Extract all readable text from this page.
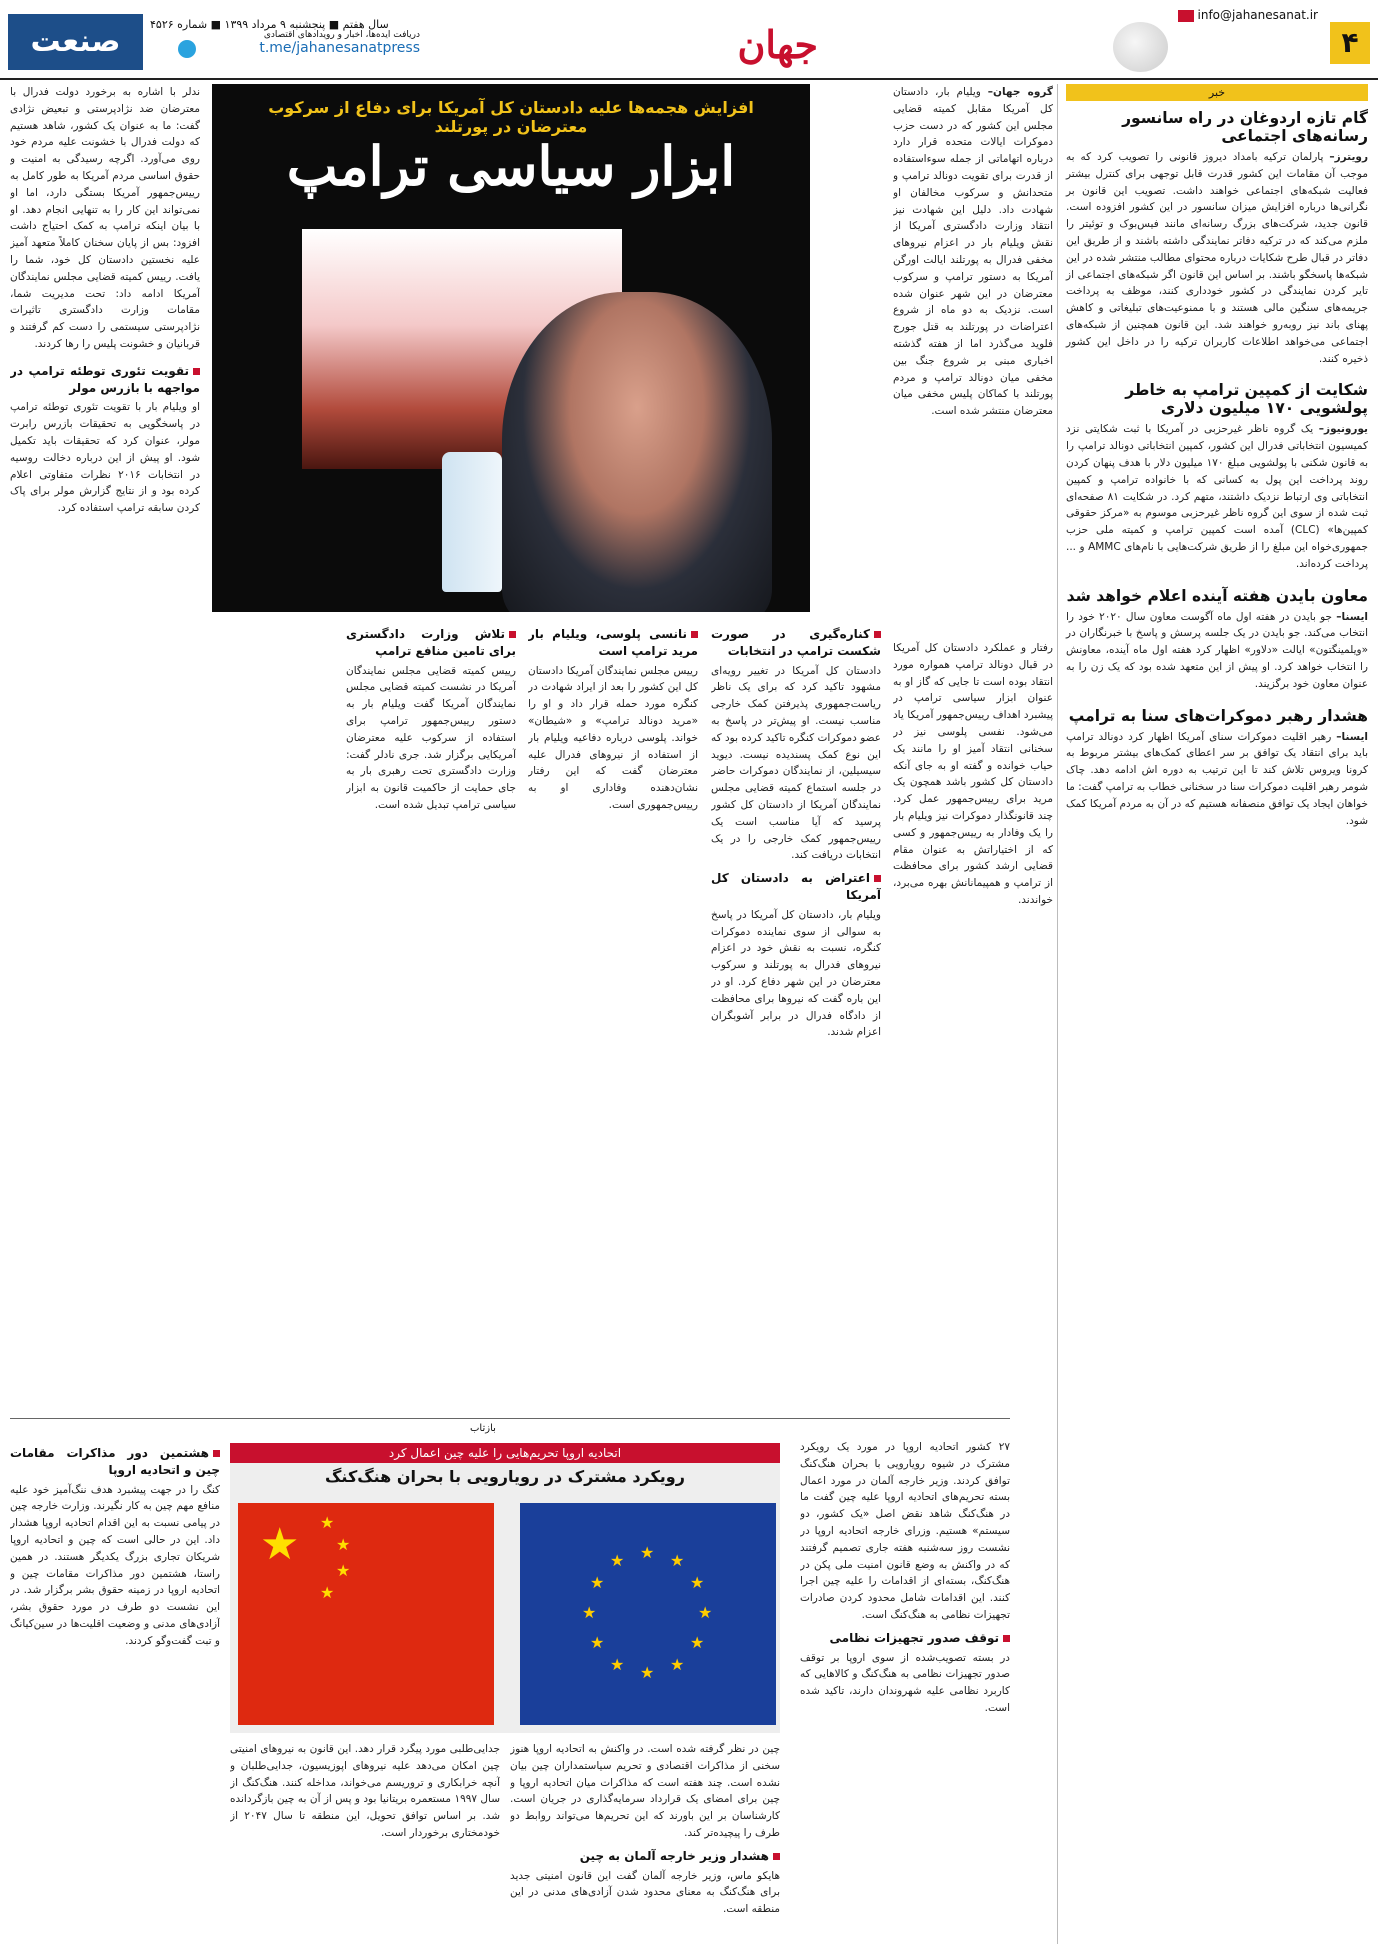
۴
info@jahanesanat.ir
جهان
دریافت ایده‌ها، اخبار و رویدادهای اقتصادی
t.me/jahanesanatpress
صنعت	سال هفتم ■ پنجشنبه ۹ مرداد ۱۳۹۹ ■ شماره ۴۵۲۶
خبر
گام تازه اردوغان در راه سانسور رسانه‌های اجتماعی
رویترز– پارلمان ترکیه بامداد دیروز قانونی را تصویب کرد که به موجب آن مقامات این کشور قدرت قابل توجهی برای کنترل بیشتر فعالیت شبکه‌های اجتماعی خواهند داشت. تصویب این قانون بر نگرانی‌ها درباره افزایش میزان سانسور در این کشور افزوده است. قانون جدید، شرکت‌های بزرگ رسانه‌ای مانند فیس‌بوک و توئیتر را ملزم می‌کند که در ترکیه دفاتر نمایندگی داشته باشند و از طریق این دفاتر در قبال طرح شکایات درباره محتوای مطالب منتشر شده در این شبکه‌ها پاسخگو باشند. بر اساس این قانون اگر شبکه‌های اجتماعی از تایر کردن نمایندگی در کشور خودداری کنند، موظف به پرداخت جریمه‌های سنگین مالی هستند و با ممنوعیت‌های تبلیغاتی و کاهش پهنای باند نیز روبه‌رو خواهند شد. این قانون همچنین از شبکه‌های اجتماعی می‌خواهد اطلاعات کاربران ترکیه را در داخل این کشور ذخیره کنند.
شکایت از کمپین ترامپ به خاطر پولشویی ۱۷۰ میلیون دلاری
یورونیوز– یک گروه ناظر غیرحزبی در آمریکا با ثبت شکایتی نزد کمیسیون انتخاباتی فدرال این کشور، کمپین انتخاباتی دونالد ترامپ را به قانون شکنی با پولشویی مبلغ ۱۷۰ میلیون دلار با هدف پنهان کردن روند پرداخت این پول به کسانی که با خانواده ترامپ و کمپین انتخاباتی وی ارتباط نزدیک داشتند، متهم کرد. در شکایت ۸۱ صفحه‌ای ثبت شده از سوی این گروه ناظر غیرحزبی موسوم به «مرکز حقوقی کمپین‌ها» (CLC) آمده است کمپین ترامپ و کمیته ملی حزب جمهوری‌خواه این مبلغ را از طریق شرکت‌هایی با نام‌های AMMC و ... پرداخت کرده‌اند.
معاون بایدن هفته آینده اعلام خواهد شد
ایسنا– جو بایدن در هفته اول ماه آگوست معاون سال ۲۰۲۰ خود را انتخاب می‌کند. جو بایدن در یک جلسه پرسش و پاسخ با خبرنگاران در «ویلمینگتون» ایالت «دلاور» اظهار کرد هفته اول ماه آینده، معاونش را انتخاب خواهد کرد. او پیش از این متعهد شده بود که یک زن را به عنوان معاون خود برگزیند.
هشدار رهبر دموکرات‌های سنا به ترامپ
ایسنا– رهبر اقلیت دموکرات سنای آمریکا اظهار کرد دونالد ترامپ باید برای انتقاد یک توافق بر سر اعطای کمک‌های بیشتر مربوط به کرونا ویروس تلاش کند تا این ترتیب به دوره اش ادامه دهد. چاک شومر رهبر اقلیت دموکرات سنا در سخنانی خطاب به ترامپ گفت: ما خواهان ایجاد یک توافق منصفانه هستیم که در آن به مردم آمریکا کمک شود.
گروه جهان– ویلیام بار، دادستان کل آمریکا مقابل کمیته قضایی مجلس این کشور که در دست حزب دموکرات ایالات متحده قرار دارد درباره اتهاماتی از جمله سوءاستفاده از قدرت برای تقویت دونالد ترامپ و متحدانش و سرکوب مخالفان او شهادت داد. دلیل این شهادت نیز انتقاد وزارت دادگستری آمریکا از نقش ویلیام بار در اعزام نیروهای مخفی فدرال به پورتلند ایالت اورگن آمریکا به دستور ترامپ و سرکوب معترضان در این شهر عنوان شده است. نزدیک به دو ماه از شروع اعتراضات در پورتلند به قتل جورج فلوید می‌گذرد اما از هفته گذشته اخباری مبنی بر شروع جنگ بین مخفی میان دونالد ترامپ و مردم پورتلند با کماکان پلیس مخفی میان معترضان منتشر شده است.
افزایش هجمه‌ها علیه دادستان کل آمریکا برای دفاع از سرکوب معترضان در پورتلند
ابزار سیاسی ترامپ
رفتار و عملکرد دادستان کل آمریکا در قبال دونالد ترامپ همواره مورد انتقاد بوده است تا جایی که گاز او به عنوان ابزار سیاسی ترامپ در پیشبرد اهداف رییس‌جمهور آمریکا یاد می‌شود. نفسی پلوسی نیز در سخنانی انتقاد آمیز او را مانند یک حیاب خوانده و گفته او به جای آنکه دادستان کل کشور باشد همچون یک مرید برای رییس‌جمهور عمل کرد. چند قانونگذار دموکرات نیز ویلیام بار را یک وفادار به رییس‌جمهور و کسی که از اختیاراتش به عنوان مقام قضایی ارشد کشور برای محافظت از ترامپ و همپیمانانش بهره می‌برد، خواندند.
کناره‌گیری در صورت شکست ترامپ در انتخابات
دادستان کل آمریکا در تغییر رویه‌ای مشهود تاکید کرد که برای یک ناظر ریاست‌جمهوری پذیرفتن کمک خارجی مناسب نیست. او پیش‌تر در پاسخ به عضو دموکرات کنگره تاکید کرده بود که این نوع کمک پسندیده نیست. دیوید سیسیلین، از نمایندگان دموکرات حاضر در جلسه استماع کمیته قضایی مجلس نمایندگان آمریکا از دادستان کل کشور پرسید که آیا مناسب است یک رییس‌جمهور کمک خارجی را در یک انتخابات دریافت کند.
اعتراض به دادستان کل آمریکا
ویلیام بار، دادستان کل آمریکا در پاسخ به سوالی از سوی نماینده دموکرات کنگره، نسبت به نقش خود در اعزام نیروهای فدرال به پورتلند و سرکوب معترضان در این شهر دفاع کرد. او در این باره گفت که نیروها برای محافظت از دادگاه فدرال در برابر آشوبگران اعزام شدند.
نانسی پلوسی، ویلیام بار مرید ترامپ است
رییس مجلس نمایندگان آمریکا دادستان کل این کشور را بعد از ایراد شهادت در کنگره مورد حمله قرار داد و او را «مرید دونالد ترامپ» و «شیطان» خواند. پلوسی درباره دفاعیه ویلیام بار از استفاده از نیروهای فدرال علیه معترضان گفت که این رفتار نشان‌دهنده وفاداری او به رییس‌جمهوری است.
تلاش وزارت دادگستری برای تامین منافع ترامپ
رییس کمیته قضایی مجلس نمایندگان آمریکا در نشست کمیته قضایی مجلس نمایندگان آمریکا گفت ویلیام بار به دستور رییس‌جمهور ترامپ برای استفاده از سرکوب علیه معترضان آمریکایی برگزار شد. جری نادلر گفت: وزارت دادگستری تحت رهبری بار به جای حمایت از حاکمیت قانون به ابزار سیاسی ترامپ تبدیل شده است.
ندلر با اشاره به برخورد دولت فدرال با معترضان ضد نژادپرستی و تبعیض نژادی گفت: ما به عنوان یک کشور، شاهد هستیم که دولت فدرال با خشونت علیه مردم خود روی می‌آورد. اگرچه رسیدگی به امنیت و حقوق اساسی مردم آمریکا به طور کامل به رییس‌جمهور آمریکا بستگی دارد، اما او نمی‌تواند این کار را به تنهایی انجام دهد. او با بیان اینکه ترامپ به کمک احتیاج داشت افزود: بس از پایان سخنان کاملاً متعهد آمیز علیه نخستین دادستان کل خود، شما را یافت. رییس کمیته قضایی مجلس نمایندگان آمریکا ادامه داد: تحت مدیریت شما، مقامات وزارت دادگستری تاثیرات نژادپرستی سیستمی را دست کم گرفتند و قربانیان و خشونت پلیس را رها کردند.
تقویت تئوری توطئه ترامپ در مواجهه با بازرس مولر
او ویلیام بار با تقویت تئوری توطئه ترامپ در پاسخگویی به تحقیقات بازرس رابرت مولر، عنوان کرد که تحقیقات باید تکمیل شود. او پیش از این درباره دخالت روسیه در انتخابات ۲۰۱۶ نظرات متفاوتی اعلام کرده بود و از نتایج گزارش مولر برای پاک کردن سابقه ترامپ استفاده کرد.
بازتاب
۲۷ کشور اتحادیه اروپا در مورد یک رویکرد مشترک در شیوه رویارویی با بحران هنگ‌کنگ توافق کردند. وزیر خارجه آلمان در مورد اعمال بسته تحریم‌های اتحادیه اروپا علیه چین گفت ما در هنگ‌کنگ شاهد نقض اصل «یک کشور، دو سیستم» هستیم. وزرای خارجه اتحادیه اروپا در نشست روز سه‌شنبه هفته جاری تصمیم گرفتند که در واکنش به وضع قانون امنیت ملی پکن در هنگ‌کنگ، بسته‌ای از اقدامات را علیه چین اجرا کنند. این اقدامات شامل محدود کردن صادرات تجهیزات نظامی به هنگ‌کنگ است.
توقف صدور تجهیزات نظامی
در بسته تصویب‌شده از سوی اروپا بر توقف صدور تجهیزات نظامی به هنگ‌کنگ و کالاهایی که کاربرد نظامی علیه شهروندان دارند، تاکید شده است.
اتحادیه اروپا تحریم‌هایی را علیه چین اعمال کرد
رویکرد مشترک در رویارویی با بحران هنگ‌کنگ
★ ★
★
★
★
★ ★
★
★
★
★
★
★
★
★
★
★
چین در نظر گرفته شده است. در واکنش به اتحادیه اروپا هنوز سخنی از مذاکرات اقتصادی و تحریم سیاستمداران چین بیان نشده است. چند هفته است که مذاکرات میان اتحادیه اروپا و چین برای امضای یک قرارداد سرمایه‌گذاری در جریان است. کارشناسان بر این باورند که این تحریم‌ها می‌تواند روابط دو طرف را پیچیده‌تر کند.
هشدار وزیر خارجه آلمان به چین
هایکو ماس، وزیر خارجه آلمان گفت این قانون امنیتی جدید برای هنگ‌کنگ به معنای محدود شدن آزادی‌های مدنی در این منطقه است.
جدایی‌طلبی مورد پیگرد قرار دهد. این قانون به نیروهای امنیتی چین امکان می‌دهد علیه نیروهای اپوزیسیون، جدایی‌طلبان و آنچه خرابکاری و تروریسم می‌خواند، مداخله کنند. هنگ‌کنگ از سال ۱۹۹۷ مستعمره بریتانیا بود و پس از آن به چین بازگردانده شد. بر اساس توافق تحویل، این منطقه تا سال ۲۰۴۷ از خودمختاری برخوردار است.
هشتمین دور مذاکرات مقامات چین و اتحادیه اروپا
کنگ را در جهت پیشبرد هدف ننگ‌آمیز خود علیه منافع مهم چین به کار نگیرند. وزارت خارجه چین در پیامی نسبت به این اقدام اتحادیه اروپا هشدار داد. این در حالی است که چین و اتحادیه اروپا شریکان تجاری بزرگ یکدیگر هستند. در همین راستا، هشتمین دور مذاکرات مقامات چین و اتحادیه اروپا در زمینه حقوق بشر برگزار شد. در این نشست دو طرف در مورد حقوق بشر، آزادی‌های مدنی و وضعیت اقلیت‌ها در سین‌کیانگ و تبت گفت‌وگو کردند.
